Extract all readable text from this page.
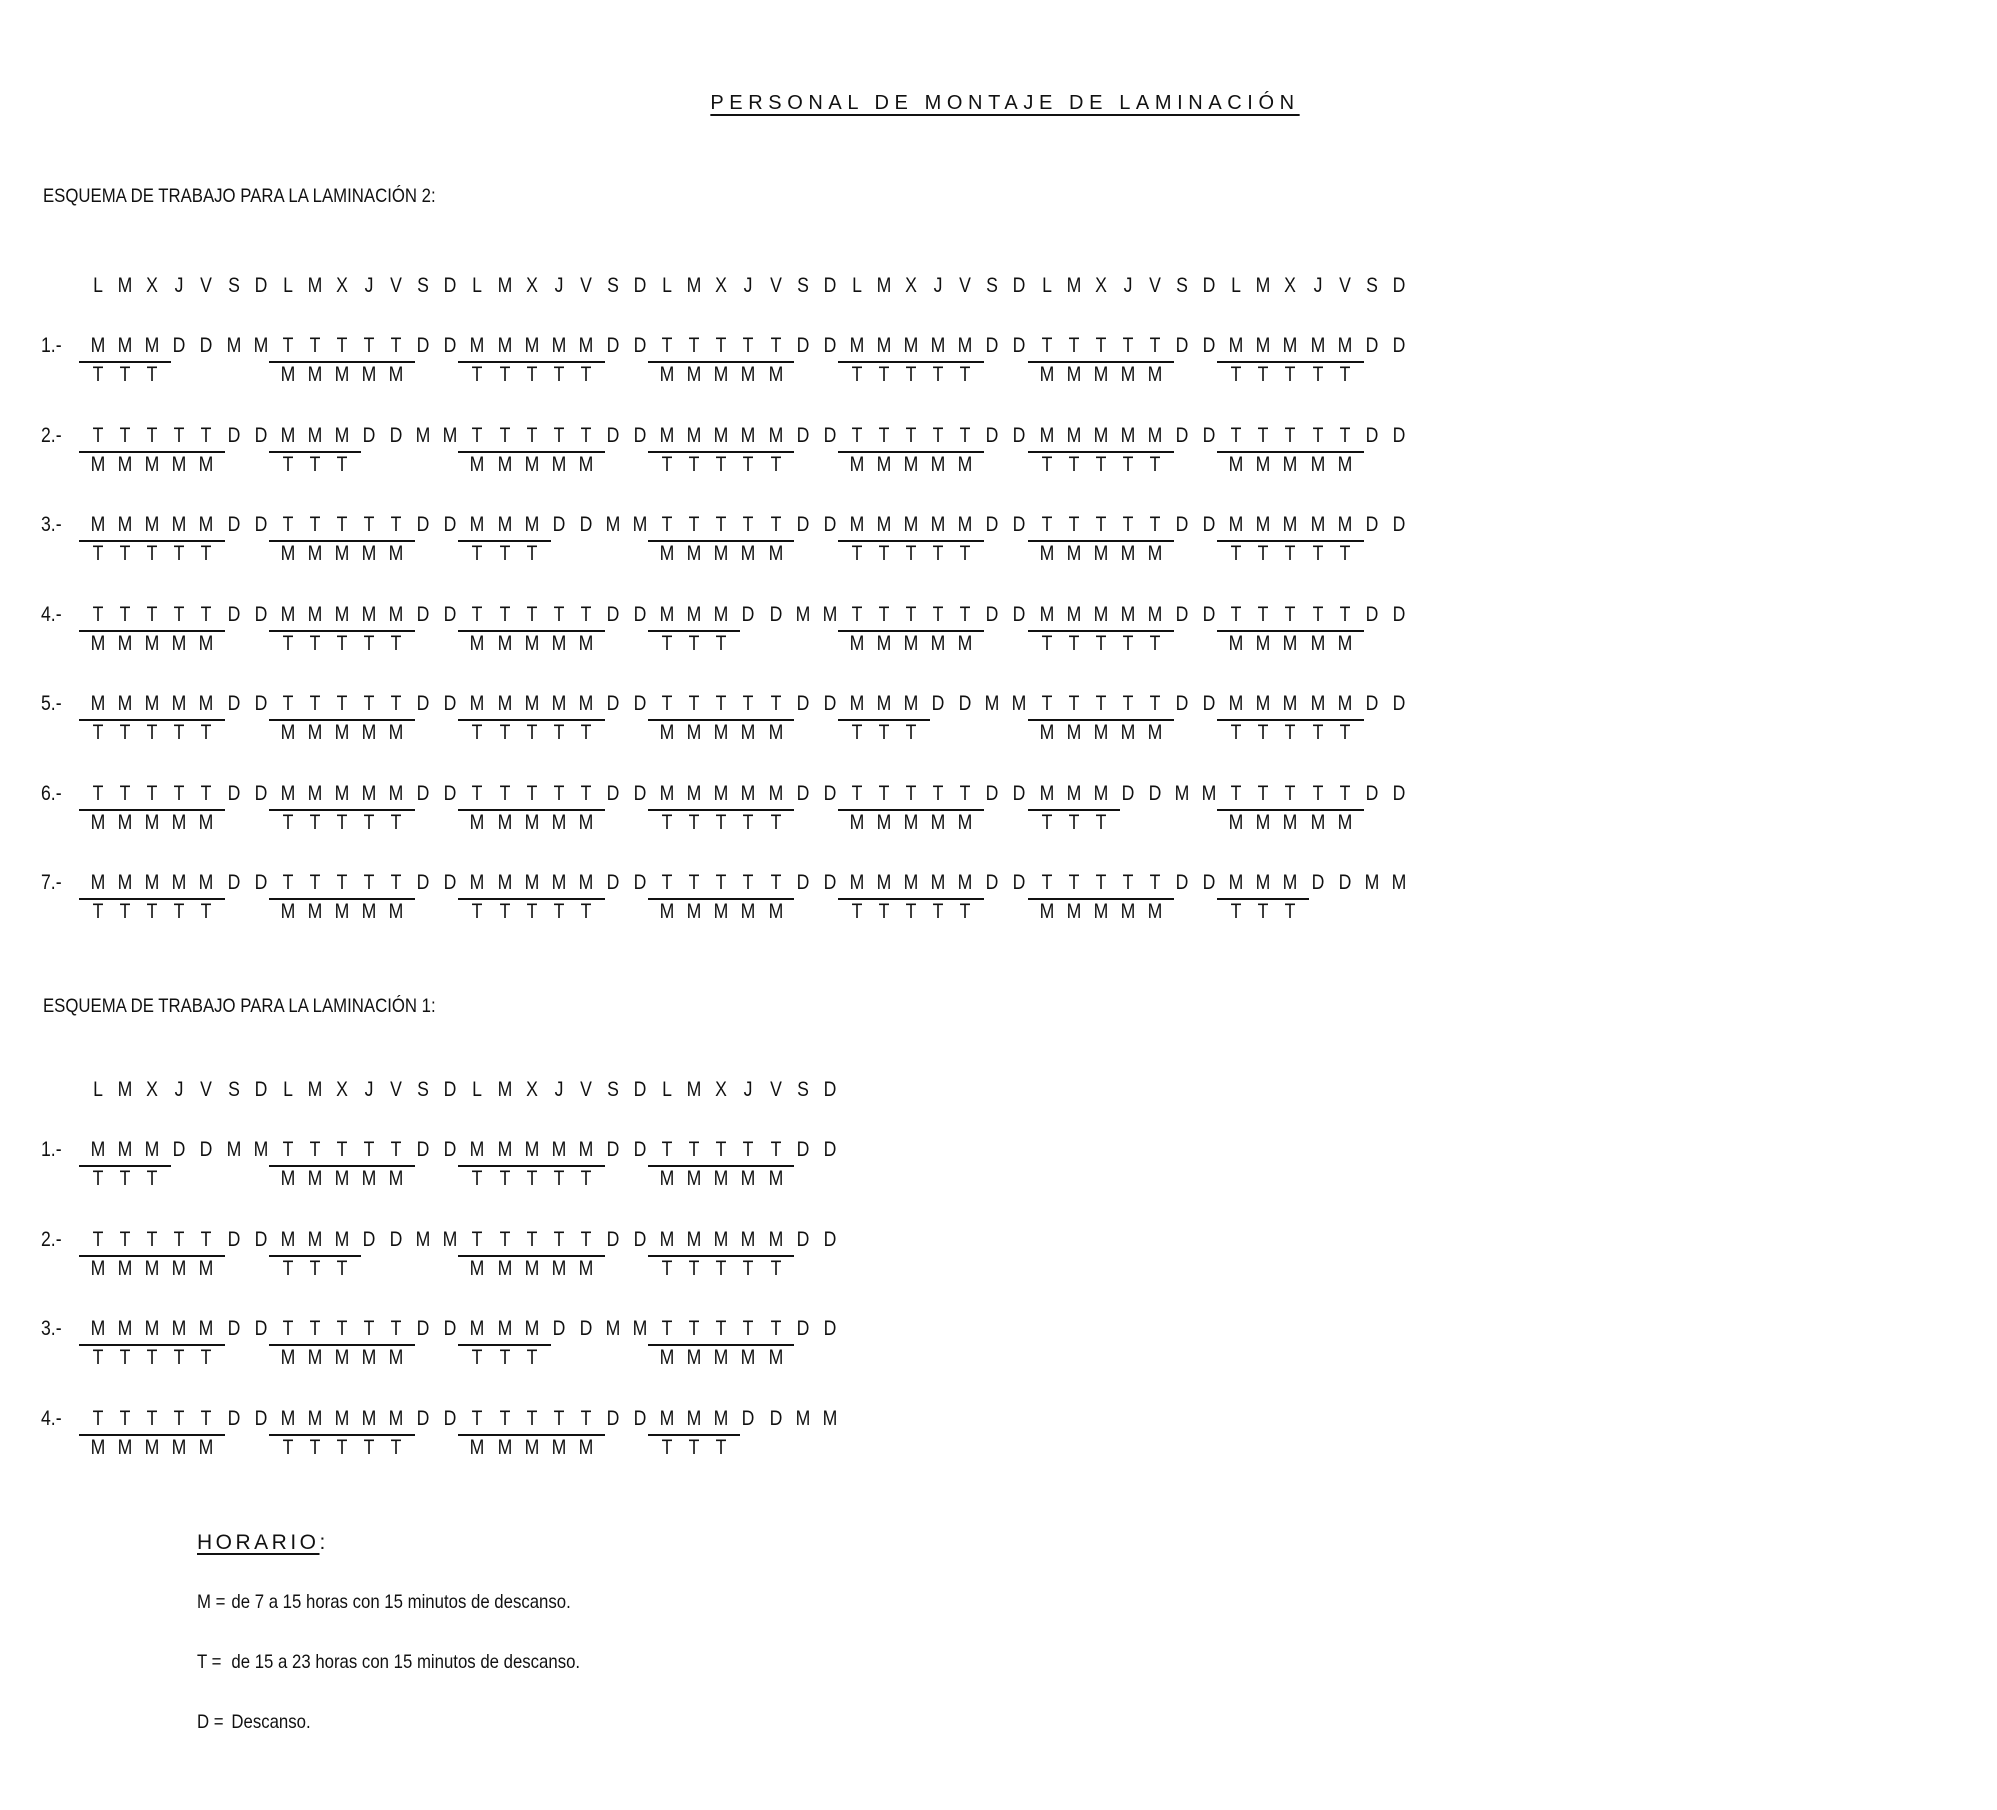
PERSONAL DE MONTAJE DE LAMINACIÓN
ESQUEMA DE TRABAJO PARA LA LAMINACIÓN 2:
L M X J V S D L M X J V S D L M X J V S D L M X J V S D L M X J V S D L M X J V S D L M X J V S D
1.- M M M D D M M T T T T T D D M M M M M D D T T T T T D D M M M M M D D T T T T T D D M M M M M D D
T T T	M M M M M	T T T T T	M M M M M	T T T T T	M M M M M	T T T T T
2.- T T T T T D D M M M D D M M T T T T T D D M M M M M D D T T T T T D D M M M M M D D T T T T T D D
M M M M M	T T T	M M M M M	T T T T T	M M M M M	T T T T T	M M M M M
3.- M M M M M D D T T T T T D D M M M D D M M T T T T T D D M M M M M D D T T T T T D D M M M M M D D
T T T T T	M M M M M	T T T	M M M M M	T T T T T	M M M M M	T T T T T
4.- T T T T T D D M M M M M D D T T T T T D D M M M D D M M T T T T T D D M M M M M D D T T T T T D D
M M M M M	T T T T T	M M M M M	T T T	M M M M M	T T T T T	M M M M M
5.- M M M M M D D T T T T T D D M M M M M D D T T T T T D D M M M D D M M T T T T T D D M M M M M D D
T T T T T	M M M M M	T T T T T	M M M M M	T T T	M M M M M	T T T T T
6.- T T T T T D D M M M M M D D T T T T T D D M M M M M D D T T T T T D D M M M D D M M T T T T T D D
M M M M M	T T T T T	M M M M M	T T T T T	M M M M M	T T T	M M M M M
7.- M M M M M D D T T T T T D D M M M M M D D T T T T T D D M M M M M D D T T T T T D D M M M D D M M
T T T T T	M M M M M	T T T T T	M M M M M	T T T T T	M M M M M	T T T
ESQUEMA DE TRABAJO PARA LA LAMINACIÓN 1:
L M X J V S D L M X J V S D L M X J V S D L M X J V S D
1.- M M M D D M M T T T T T D D M M M M M D D T T T T T D D
T T T	M M M M M	T T T T T	M M M M M
2.- T T T T T D D M M M D D M M T T T T T D D M M M M M D D
M M M M M	T T T	M M M M M	T T T T T
3.- M M M M M D D T T T T T D D M M M D D M M T T T T T D D
T T T T T	M M M M M	T T T	M M M M M
4.- T T T T T D D M M M M M D D T T T T T D D M M M D D M M
M M M M M	T T T T T	M M M M M	T T T
HORARIO:
M = de 7 a 15 horas con 15 minutos de descanso.
T = de 15 a 23 horas con 15 minutos de descanso.
D = Descanso.
